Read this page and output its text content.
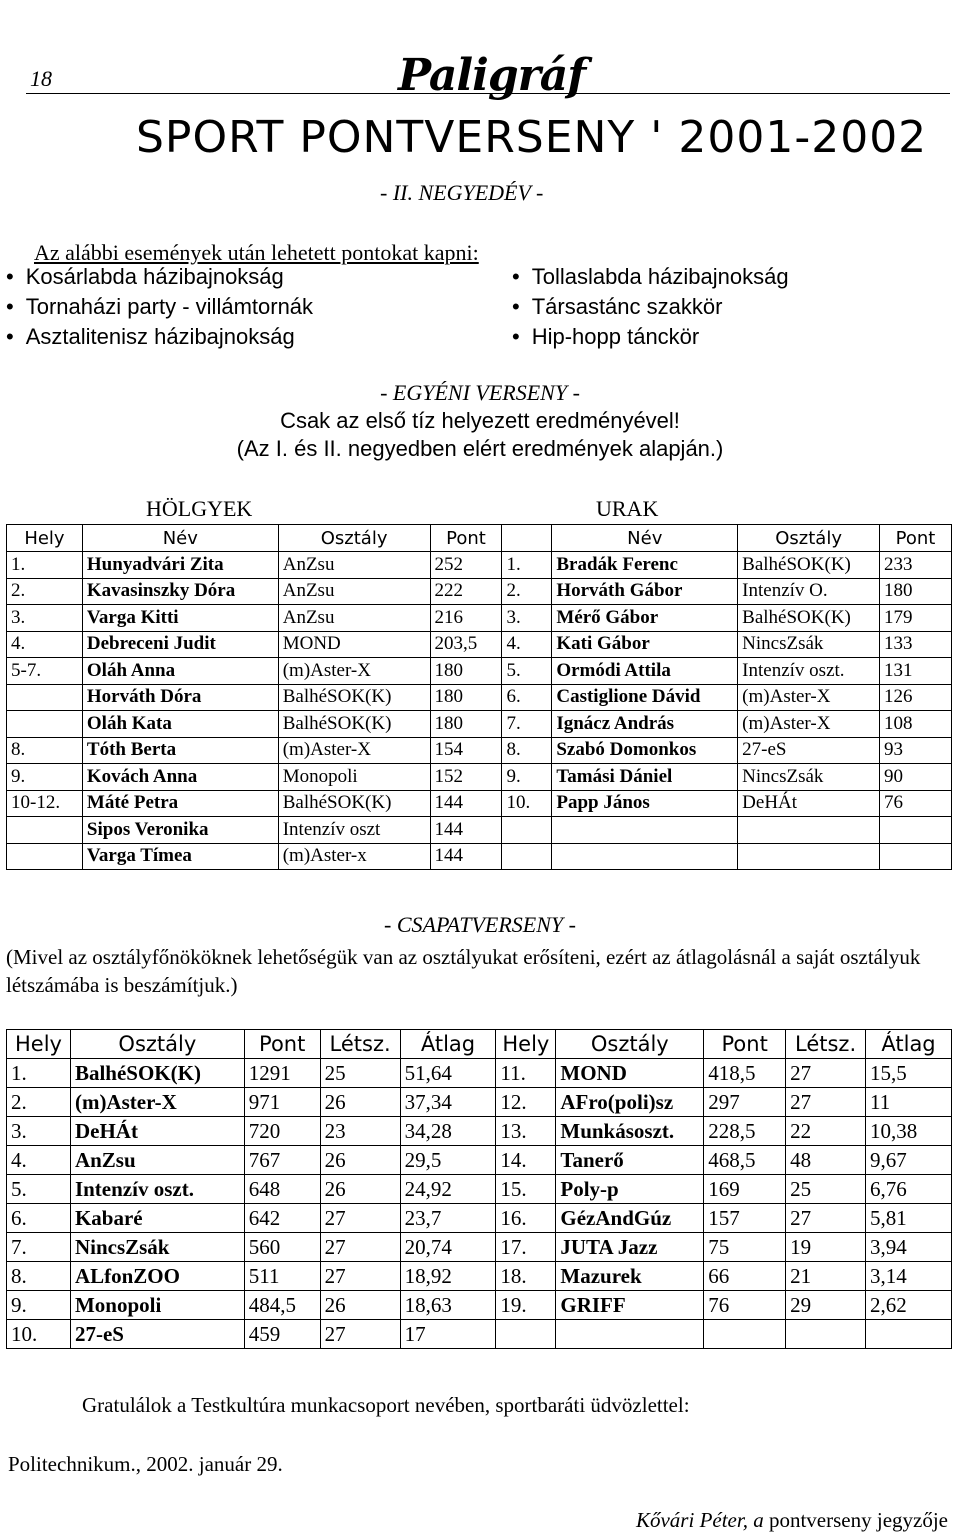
18	Paligráf
SPORT PONTVERSENY ' 2001-2002
- II. NEGYEDÉV -
Az alábbi események után lehetett pontokat kapni:
• Kosárlabda házibajnokság	• Tollaslabda házibajnokság
• Tornaházi party - villámtornák	• Társastánc szakkör
• Asztalitenisz házibajnokság	• Hip-hopp tánckör
- EGYÉNI VERSENY -
Csak az első tíz helyezett eredményével!
(Az I. és II. negyedben elért eredmények alapján.)
HÖLGYEK	URAK
Hely	Név	Osztály	Pont		Név	Osztály	Pont
1.	Hunyadvári Zita	AnZsu	252	1.	Bradák Ferenc	BalhéSOK(K)	233
2.	Kavasinszky Dóra	AnZsu	222	2.	Horváth Gábor	Intenzív O.	180
3.	Varga Kitti	AnZsu	216	3.	Mérő Gábor	BalhéSOK(K)	179
4.	Debreceni Judit	MOND	203,5	4.	Kati Gábor	NincsZsák	133
5-7.	Oláh Anna	(m)Aster-X	180	5.	Ormódi Attila	Intenzív oszt.	131
	Horváth Dóra	BalhéSOK(K)	180	6.	Castiglione Dávid	(m)Aster-X	126
	Oláh Kata	BalhéSOK(K)	180	7.	Ignácz András	(m)Aster-X	108
8.	Tóth Berta	(m)Aster-X	154	8.	Szabó Domonkos	27-eS	93
9.	Kovách Anna	Monopoli	152	9.	Tamási Dániel	NincsZsák	90
10-12.	Máté Petra	BalhéSOK(K)	144	10.	Papp János	DeHÁt	76
	Sipos Veronika	Intenzív oszt	144				
	Varga Tímea	(m)Aster-x	144				
- CSAPATVERSENY -
(Mivel az osztályfőnököknek lehetőségük van az osztályukat erősíteni, ezért az átlagolásnál a saját osztályuk létszámába is beszámítjuk.)
Hely	Osztály	Pont	Létsz.	Átlag	Hely	Osztály	Pont	Létsz.	Átlag
1.	BalhéSOK(K)	1291	25	51,64	11.	MOND	418,5	27	15,5
2.	(m)Aster-X	971	26	37,34	12.	AFro(poli)sz	297	27	11
3.	DeHÁt	720	23	34,28	13.	Munkásoszt.	228,5	22	10,38
4.	AnZsu	767	26	29,5	14.	Tanerő	468,5	48	9,67
5.	Intenzív oszt.	648	26	24,92	15.	Poly-p	169	25	6,76
6.	Kabaré	642	27	23,7	16.	GézAndGúz	157	27	5,81
7.	NincsZsák	560	27	20,74	17.	JUTA Jazz	75	19	3,94
8.	ALfonZOO	511	27	18,92	18.	Mazurek	66	21	3,14
9.	Monopoli	484,5	26	18,63	19.	GRIFF	76	29	2,62
10.	27-eS	459	27	17					
Gratulálok a Testkultúra munkacsoport nevében, sportbaráti üdvözlettel:
Politechnikum., 2002. január 29.
Kővári Péter, a pontverseny jegyzője
